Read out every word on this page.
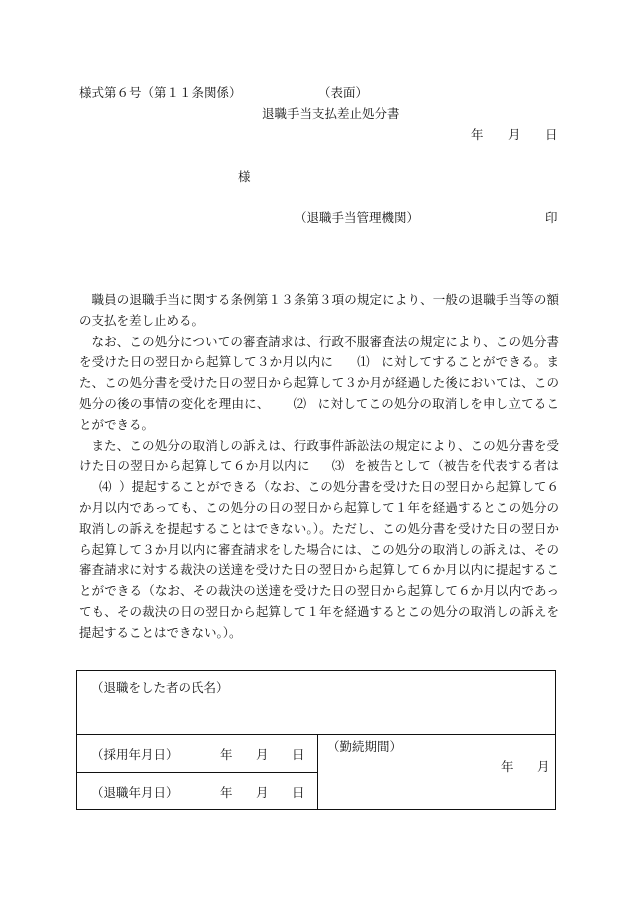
様式第６号（第１１条関係）	（表面）
退職手当支払差止処分書
年 月 日
様
（退職手当管理機関）	印

職員の退職手当に関する条例第１３条第３項の規定により、一般の退職手当等の額の支払を差し止める。

なお、この処分についての審査請求は、行政不服審査法の規定により、この処分書を受けた日の翌日から起算して３か月以内に ⑴ に対してすることができる。また、この処分書を受けた日の翌日から起算して３か月が経過した後においては、この処分の後の事情の変化を理由に、 ⑵ に対してこの処分の取消しを申し立てることができる。

また、この処分の取消しの訴えは、行政事件訴訟法の規定により、この処分書を受けた日の翌日から起算して６か月以内に ⑶ を被告として（被告を代表する者は⑷ ）提起することができる（なお、この処分書を受けた日の翌日から起算して６か月以内であっても、この処分の日の翌日から起算して１年を経過するとこの処分の取消しの訴えを提起することはできない。）。ただし、この処分書を受けた日の翌日から起算して３か月以内に審査請求をした場合には、この処分の取消しの訴えは、その審査請求に対する裁決の送達を受けた日の翌日から起算して６か月以内に提起することができる（なお、その裁決の送達を受けた日の翌日から起算して６か月以内であっても、その裁決の日の翌日から起算して１年を経過するとこの処分の取消しの訴えを提起することはできない。）。

（退職をした者の氏名）
（採用年月日）	年 月 日
（退職年月日）	年 月 日
（勤続期間）
年 月
